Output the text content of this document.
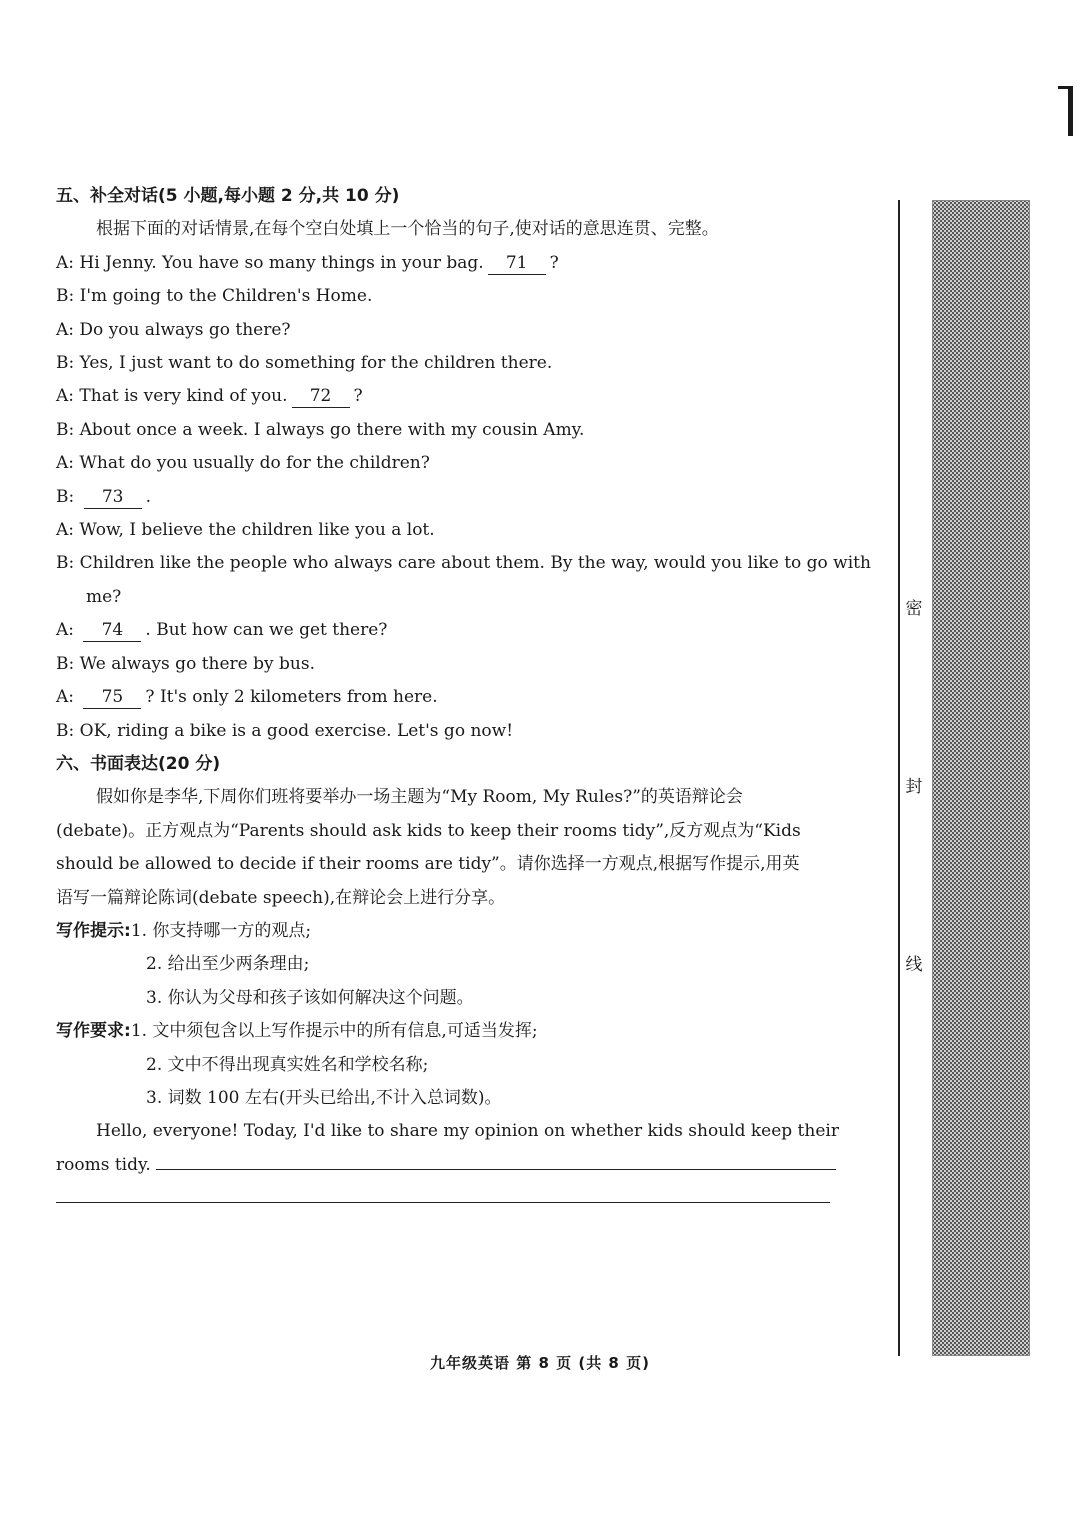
五、补全对话(5 小题,每小题 2 分,共 10 分)
根据下面的对话情景,在每个空白处填上一个恰当的句子,使对话的意思连贯、完整。
A: Hi Jenny. You have so many things in your bag. 71 ?
B: I'm going to the Children's Home.
A: Do you always go there?
B: Yes, I just want to do something for the children there.
A: That is very kind of you. 72 ?
B: About once a week. I always go there with my cousin Amy.
A: What do you usually do for the children?
B: 73 .
A: Wow, I believe the children like you a lot.
B: Children like the people who always care about them. By the way, would you like to go with
me?
A: 74 . But how can we get there?
B: We always go there by bus.
A: 75 ? It's only 2 kilometers from here.
B: OK, riding a bike is a good exercise. Let's go now!
六、书面表达(20 分)
假如你是李华,下周你们班将要举办一场主题为“My Room, My Rules?”的英语辩论会
(debate)。正方观点为“Parents should ask kids to keep their rooms tidy”,反方观点为“Kids
should be allowed to decide if their rooms are tidy”。请你选择一方观点,根据写作提示,用英
语写一篇辩论陈词(debate speech),在辩论会上进行分享。
写作提示:1. 你支持哪一方的观点;
2. 给出至少两条理由;
3. 你认为父母和孩子该如何解决这个问题。
写作要求:1. 文中须包含以上写作提示中的所有信息,可适当发挥;
2. 文中不得出现真实姓名和学校名称;
3. 词数 100 左右(开头已给出,不计入总词数)。
Hello, everyone! Today, I'd like to share my opinion on whether kids should keep their
rooms tidy.
九年级英语 第 8 页 (共 8 页)
密
封
线
